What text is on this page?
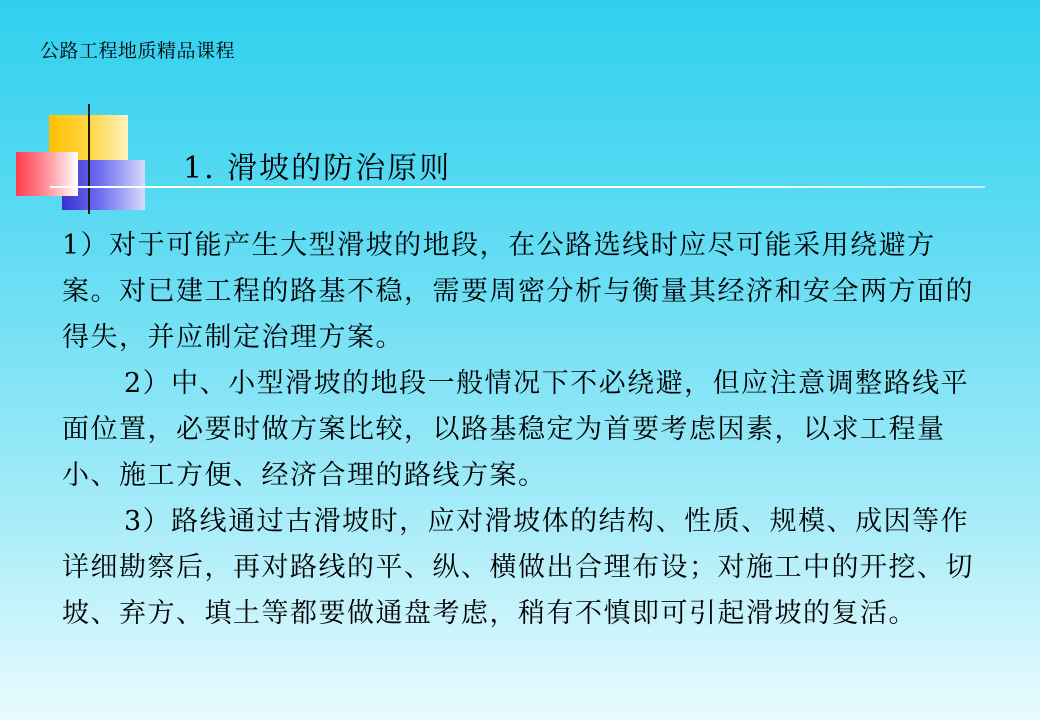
公路工程地质精品课程
1. 滑坡的防治原则

1）对于可能产生大型滑坡的地段，在公路选线时应尽可能采用绕避方案。对已建工程的路基不稳，需要周密分析与衡量其经济和安全两方面的得失，并应制定治理方案。

2）中、小型滑坡的地段一般情况下不必绕避，但应注意调整路线平面位置，必要时做方案比较，以路基稳定为首要考虑因素，以求工程量小、施工方便、经济合理的路线方案。

3）路线通过古滑坡时，应对滑坡体的结构、性质、规模、成因等作详细勘察后，再对路线的平、纵、横做出合理布设；对施工中的开挖、切坡、弃方、填土等都要做通盘考虑，稍有不慎即可引起滑坡的复活。
